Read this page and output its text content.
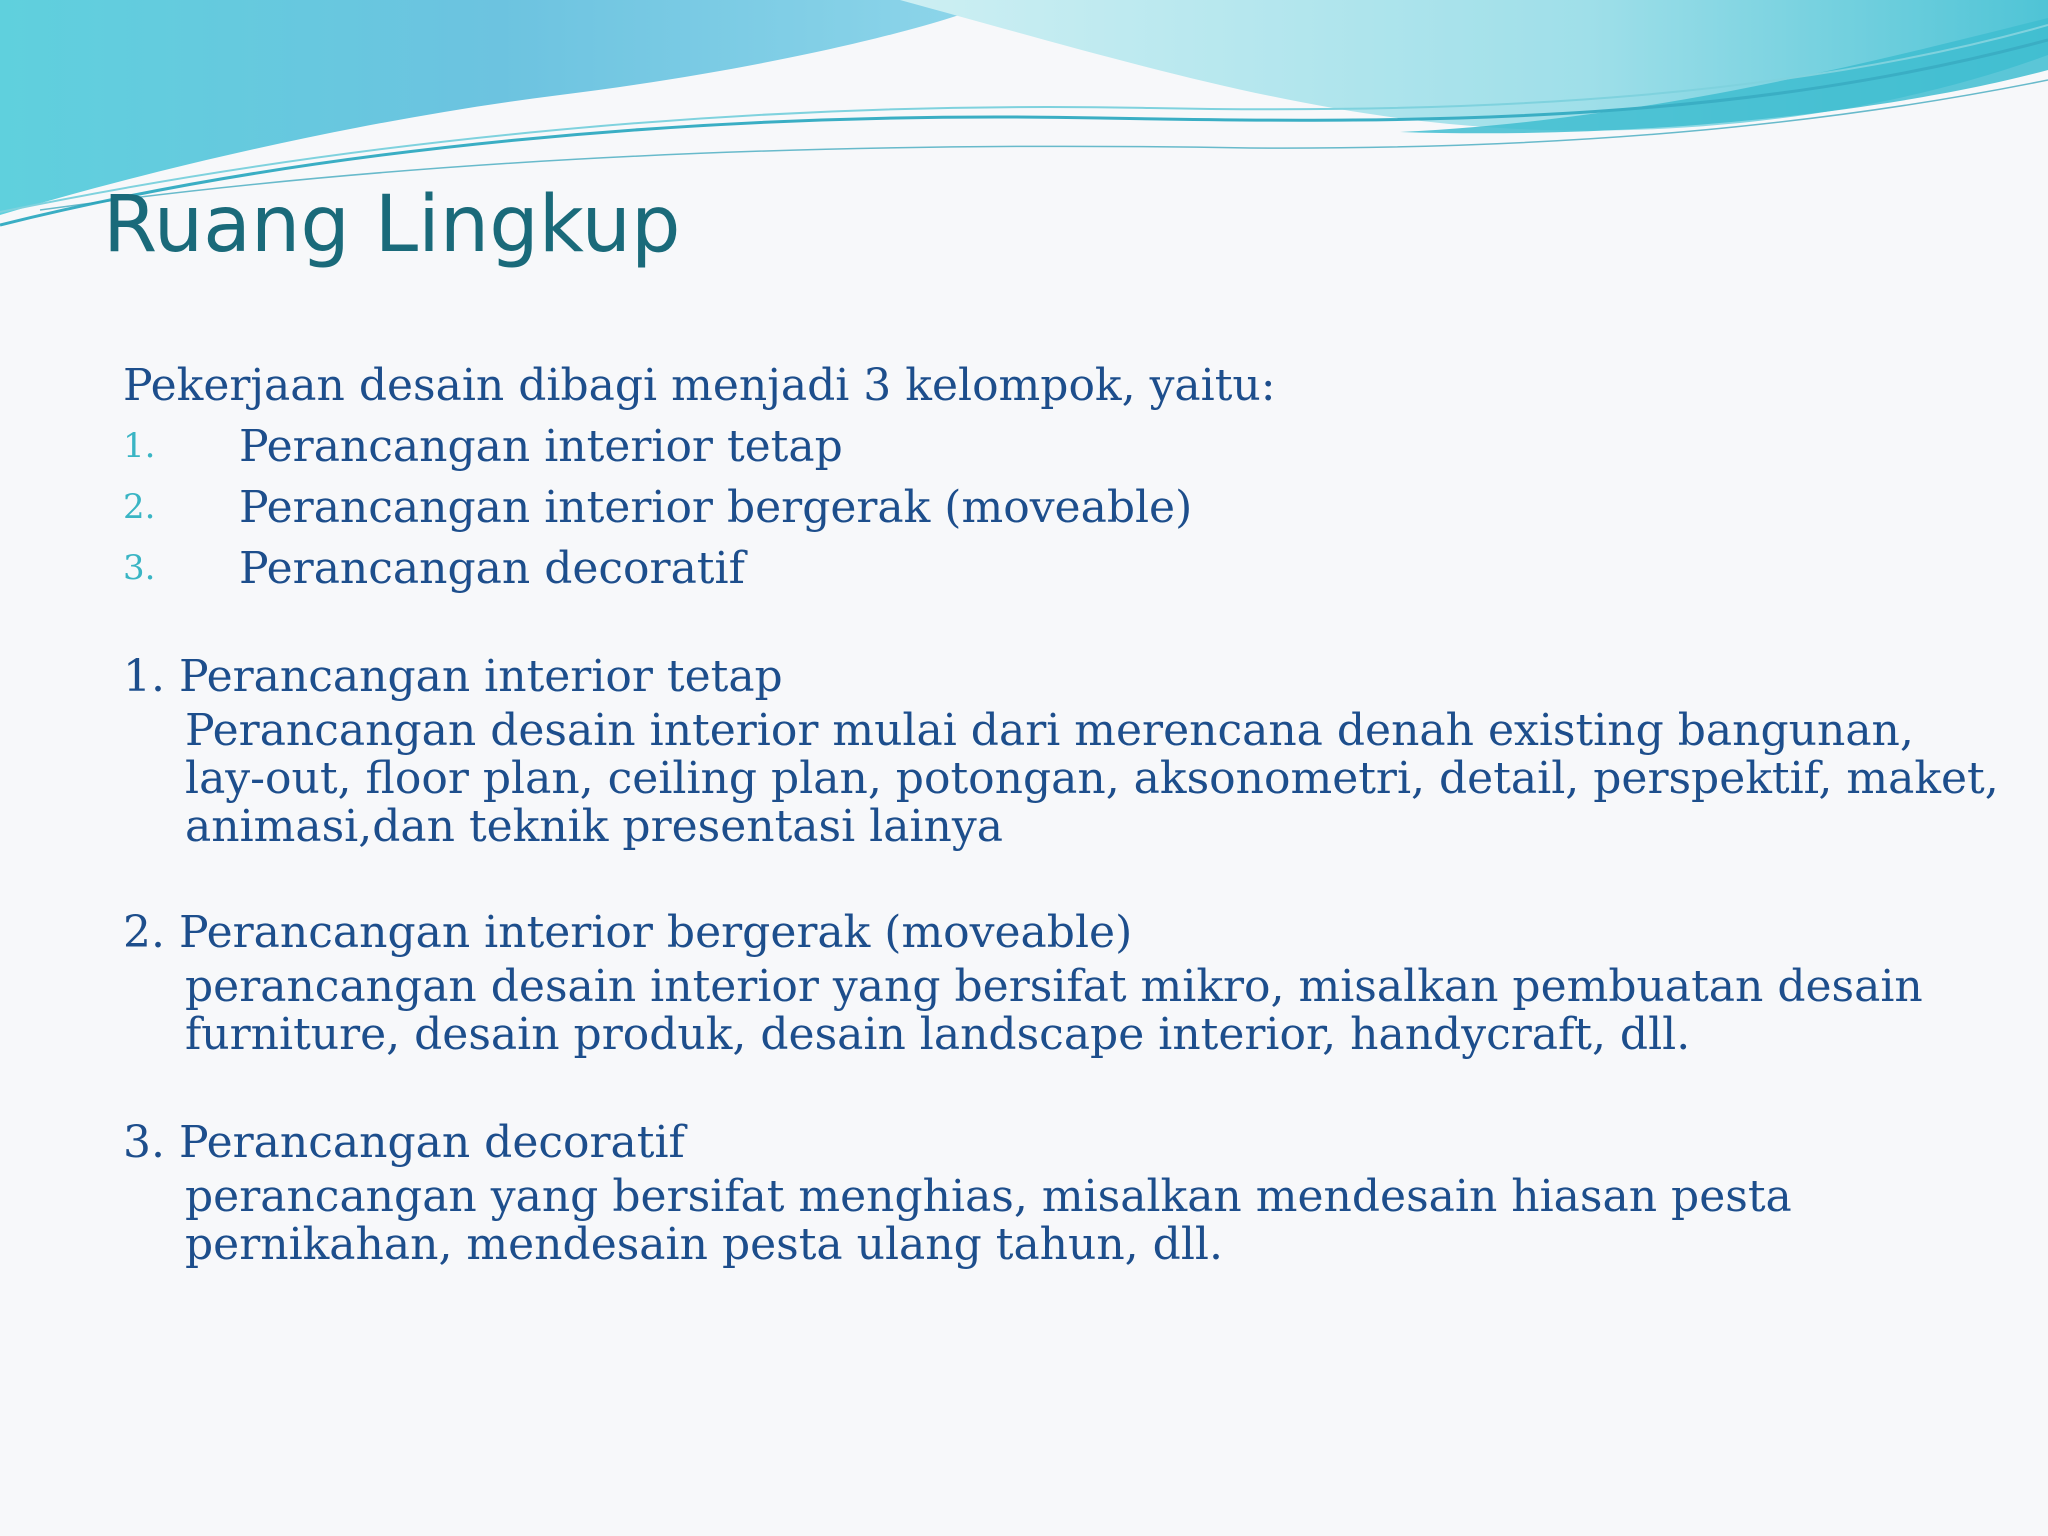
Ruang Lingkup

Pekerjaan desain dibagi menjadi 3 kelompok, yaitu:

1. Perancangan interior tetap
2. Perancangan interior bergerak (moveable)
3. Perancangan decoratif

1. Perancangan interior tetap

Perancangan desain interior mulai dari merencana denah existing bangunan, lay-out, floor plan, ceiling plan, potongan, aksonometri, detail, perspektif, maket, animasi,dan teknik presentasi lainya

2. Perancangan interior bergerak (moveable)

perancangan desain interior yang bersifat mikro, misalkan pembuatan desain furniture, desain produk, desain landscape interior, handycraft, dll.

3. Perancangan decoratif

perancangan yang bersifat menghias, misalkan mendesain hiasan pesta pernikahan, mendesain pesta ulang tahun, dll.
